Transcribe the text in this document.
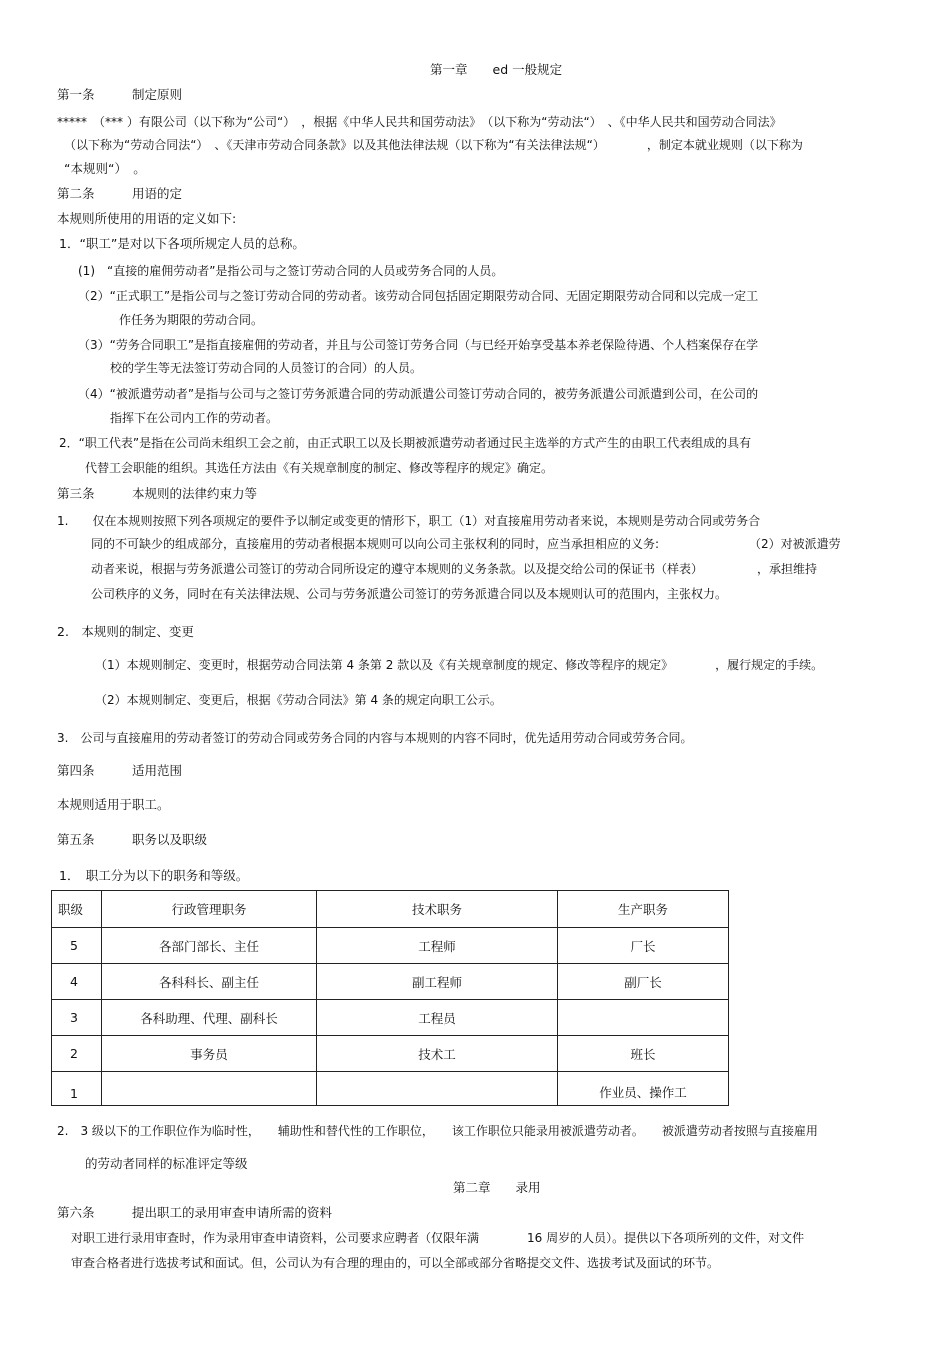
第一章　　ed 一般规定
第一条　　　制定原则
*****　（*** ）有限公司（以下称为“公司“）　，根据《中华人民共和国劳动法》　（以下称为“劳动法“）　、《中华人民共和国劳动合同法》
（以下称为“劳动合同法“）　、《天津市劳动合同条款》以及其他法律法规（以下称为“有关法律法规“）　　　　，制定本就业规则（以下称为
“本规则“）　。
第二条　　　用语的定
本规则所使用的用语的定义如下:
1．“职工”是对以下各项所规定人员的总称。
(1)　“直接的雇佣劳动者”是指公司与之签订劳动合同的人员或劳务合同的人员。
（2）“正式职工”是指公司与之签订劳动合同的劳动者。该劳动合同包括固定期限劳动合同、无固定期限劳动合同和以完成一定工
作任务为期限的劳动合同。
（3）“劳务合同职工”是指直接雇佣的劳动者，并且与公司签订劳务合同（与已经开始享受基本养老保险待遇、个人档案保存在学
校的学生等无法签订劳动合同的人员签订的合同）的人员。
（4）“被派遣劳动者”是指与公司与之签订劳务派遣合同的劳动派遣公司签订劳动合同的，被劳务派遣公司派遣到公司，在公司的
指挥下在公司内工作的劳动者。
2．“职工代表”是指在公司尚未组织工会之前，由正式职工以及长期被派遣劳动者通过民主选举的方式产生的由职工代表组成的具有
代替工会职能的组织。其选任方法由《有关规章制度的制定、修改等程序的规定》确定。
第三条　　　本规则的法律约束力等
1.　　仅在本规则按照下列各项规定的要件予以制定或变更的情形下，职工（1）对直接雇用劳动者来说，本规则是劳动合同或劳务合
同的不可缺少的组成部分，直接雇用的劳动者根据本规则可以向公司主张权利的同时，应当承担相应的义务:　　　　　　　　（2）对被派遣劳
动者来说，根据与劳务派遣公司签订的劳动合同所设定的遵守本规则的义务条款。以及提交给公司的保证书（样表）　　　　　，承担维持
公司秩序的义务，同时在有关法律法规、公司与劳务派遣公司签订的劳务派遣合同以及本规则认可的范围内，主张权力。
2.　本规则的制定、变更
（1）本规则制定、变更时，根据劳动合同法第 4 条第 2 款以及《有关规章制度的规定、修改等程序的规定》　　　　，履行规定的手续。
（2）本规则制定、变更后，根据《劳动合同法》第 4 条的规定向职工公示。
3.　公司与直接雇用的劳动者签订的劳动合同或劳务合同的内容与本规则的内容不同时，优先适用劳动合同或劳务合同。
第四条　　　适用范围
本规则适用于职工。
第五条　　　职务以及职级
1．　职工分为以下的职务和等级。
职级	行政管理职务	技术职务	生产职务
5	各部门部长、主任	工程师	厂长
4	各科科长、副主任	副工程师	副厂长
3	各科助理、代理、副科长	工程员	
2	事务员	技术工	班长
1			作业员、操作工
2.　3 级以下的工作职位作为临时性，　　辅助性和替代性的工作职位，　　该工作职位只能录用被派遣劳动者。　　被派遣劳动者按照与直接雇用
的劳动者同样的标准评定等级
第二章　　录用
第六条　　　提出职工的录用审查申请所需的资料
对职工进行录用审查时，作为录用审查申请资料，公司要求应聘者（仅限年满　　　　16 周岁的人员）。提供以下各项所列的文件，对文件
审查合格者进行选拔考试和面试。但，公司认为有合理的理由的，可以全部或部分省略提交文件、选拔考试及面试的环节。
